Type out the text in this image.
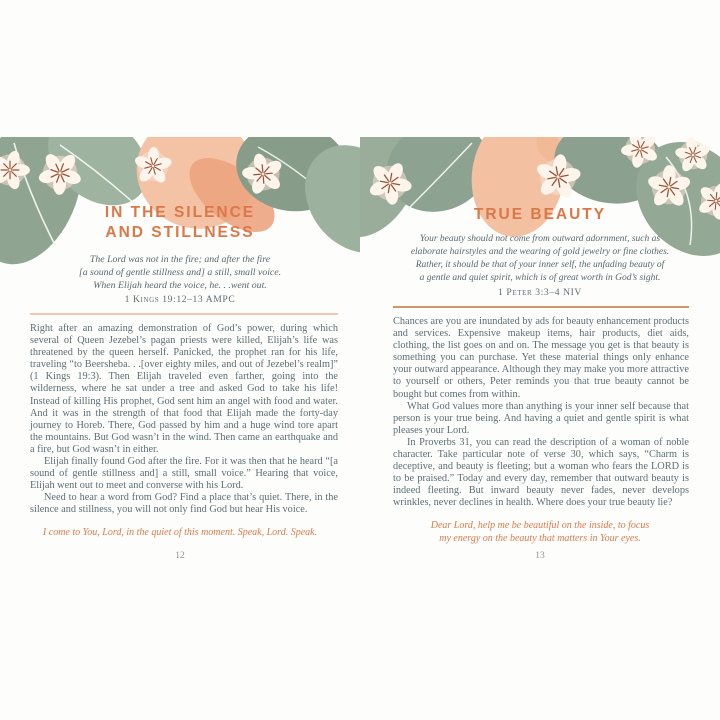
IN THE SILENCE
AND STILLNESS
The Lord was not in the fire; and after the fire
[a sound of gentle stillness and] a still, small voice.
When Elijah heard the voice, he. . .went out.
1 Kings 19:12–13 AMPC

Right after an amazing demonstration of God’s power, during which several of Queen Jezebel’s pagan priests were killed, Elijah’s life was threatened by the queen herself. Panicked, the prophet ran for his life, traveling “to Beersheba. . .[over eighty miles, and out of Jezebel’s realm]” (1 Kings 19:3). Then Elijah traveled even farther, going into the wilderness, where he sat under a tree and asked God to take his life! Instead of killing His prophet, God sent him an angel with food and water. And it was in the strength of that food that Elijah made the forty-day journey to Horeb. There, God passed by him and a huge wind tore apart the mountains. But God wasn’t in the wind. Then came an earthquake and a fire, but God wasn’t in either.

Elijah finally found God after the fire. For it was then that he heard “[a sound of gentle stillness and] a still, small voice.” Hearing that voice, Elijah went out to meet and converse with his Lord.

Need to hear a word from God? Find a place that’s quiet. There, in the silence and stillness, you will not only find God but hear His voice.

I come to You, Lord, in the quiet of this moment. Speak, Lord. Speak.
12
TRUE BEAUTY
Your beauty should not come from outward adornment, such as
elaborate hairstyles and the wearing of gold jewelry or fine clothes.
Rather, it should be that of your inner self, the unfading beauty of
a gentle and quiet spirit, which is of great worth in God’s sight.
1 Peter 3:3–4 NIV

Chances are you are inundated by ads for beauty enhancement products and services. Expensive makeup items, hair products, diet aids, clothing, the list goes on and on. The message you get is that beauty is something you can purchase. Yet these material things only enhance your outward appearance. Although they may make you more attractive to yourself or others, Peter reminds you that true beauty cannot be bought but comes from within.

What God values more than anything is your inner self because that person is your true being. And having a quiet and gentle spirit is what pleases your Lord.

In Proverbs 31, you can read the description of a woman of noble character. Take particular note of verse 30, which says, “Charm is deceptive, and beauty is fleeting; but a woman who fears the LORD is to be praised.” Today and every day, remember that outward beauty is indeed fleeting. But inward beauty never fades, never develops wrinkles, never declines in health. Where does your true beauty lie?

Dear Lord, help me be beautiful on the inside, to focus
my energy on the beauty that matters in Your eyes.
13
